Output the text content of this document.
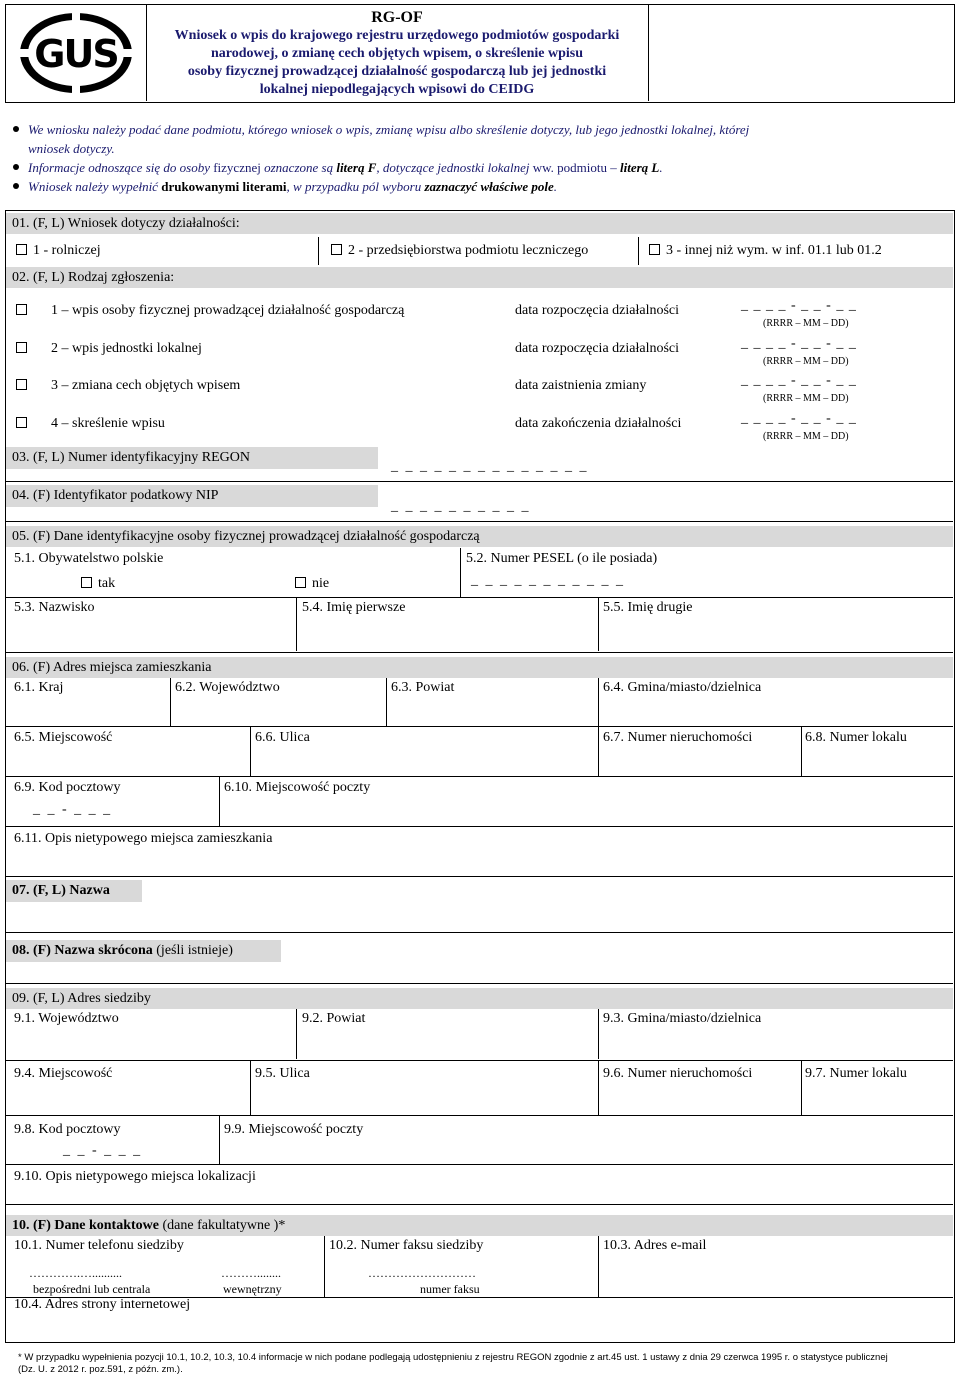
GUS
RG-OF
Wniosek o wpis do krajowego rejestru urzędowego podmiotów gospodarki
narodowej, o zmianę cech objętych wpisem, o skreślenie wpisu
osoby fizycznej prowadzącej działalność gospodarczą lub jej jednostki
lokalnej niepodlegających wpisowi do CEIDG
We wniosku należy podać dane podmiotu, którego wniosek o wpis, zmianę wpisu albo skreślenie dotyczy, lub jego jednostki lokalnej, której
wniosek dotyczy.
Informacje odnoszące się do osoby fizycznej oznaczone są literą F, dotyczące jednostki lokalnej ww. podmiotu – literą L.
Wniosek należy wypełnić drukowanymi literami, w przypadku pól wyboru zaznaczyć właściwe pole.
01. (F, L) Wniosek dotyczy działalności:
1 - rolniczej	2 - przedsiębiorstwa podmiotu leczniczego	3 - innej niż wym. w inf. 01.1 lub 01.2
02. (F, L) Rodzaj zgłoszenia:
1 – wpis osoby fizycznej prowadzącej działalność gospodarczą	data rozpoczęcia działalności	_ _ _ _ - _ _ - _ _
(RRRR – MM – DD)
2 – wpis jednostki lokalnej	data rozpoczęcia działalności	_ _ _ _ - _ _ - _ _
(RRRR – MM – DD)
3 – zmiana cech objętych wpisem	data zaistnienia zmiany	_ _ _ _ - _ _ - _ _
(RRRR – MM – DD)
4 – skreślenie wpisu	data zakończenia działalności	_ _ _ _ - _ _ - _ _
(RRRR – MM – DD)
03. (F, L) Numer identyfikacyjny REGON
_ _ _ _ _ _ _ _ _ _ _ _ _ _
04. (F) Identyfikator podatkowy NIP
_ _ _ _ _ _ _ _ _ _
05. (F) Dane identyfikacyjne osoby fizycznej prowadzącej działalność gospodarczą
5.1. Obywatelstwo polskie	5.2. Numer PESEL (o ile posiada)
tak	nie	_ _ _ _ _ _ _ _ _ _ _
5.3. Nazwisko	5.4. Imię pierwsze	5.5. Imię drugie
06. (F) Adres miejsca zamieszkania
6.1. Kraj	6.2. Województwo	6.3. Powiat	6.4. Gmina/miasto/dzielnica
6.5. Miejscowość	6.6. Ulica	6.7. Numer nieruchomości	6.8. Numer lokalu
6.9. Kod pocztowy	6.10. Miejscowość poczty
_ _ - _ _ _
6.11. Opis nietypowego miejsca zamieszkania
07. (F, L) Nazwa
08. (F) Nazwa skrócona (jeśli istnieje)
09. (F, L) Adres siedziby
9.1. Województwo	9.2. Powiat	9.3. Gmina/miasto/dzielnica
9.4. Miejscowość	9.5. Ulica	9.6. Numer nieruchomości	9.7. Numer lokalu
9.8. Kod pocztowy	9.9. Miejscowość poczty
_ _ - _ _ _
9.10. Opis nietypowego miejsca lokalizacji
10. (F) Dane kontaktowe (dane fakultatywne )*
10.1. Numer telefonu siedziby	10.2. Numer faksu siedziby	10.3. Adres e-mail
………….…..........	………........	………………………
bezpośredni lub centrala	wewnętrzny	numer faksu
10.4. Adres strony internetowej
* W przypadku wypełnienia pozycji 10.1, 10.2, 10.3, 10.4 informacje w nich podane podlegają udostępnieniu z rejestru REGON zgodnie z art.45 ust. 1 ustawy z dnia 29 czerwca 1995 r. o statystyce publicznej
(Dz. U. z 2012 r. poz.591, z późn. zm.).
